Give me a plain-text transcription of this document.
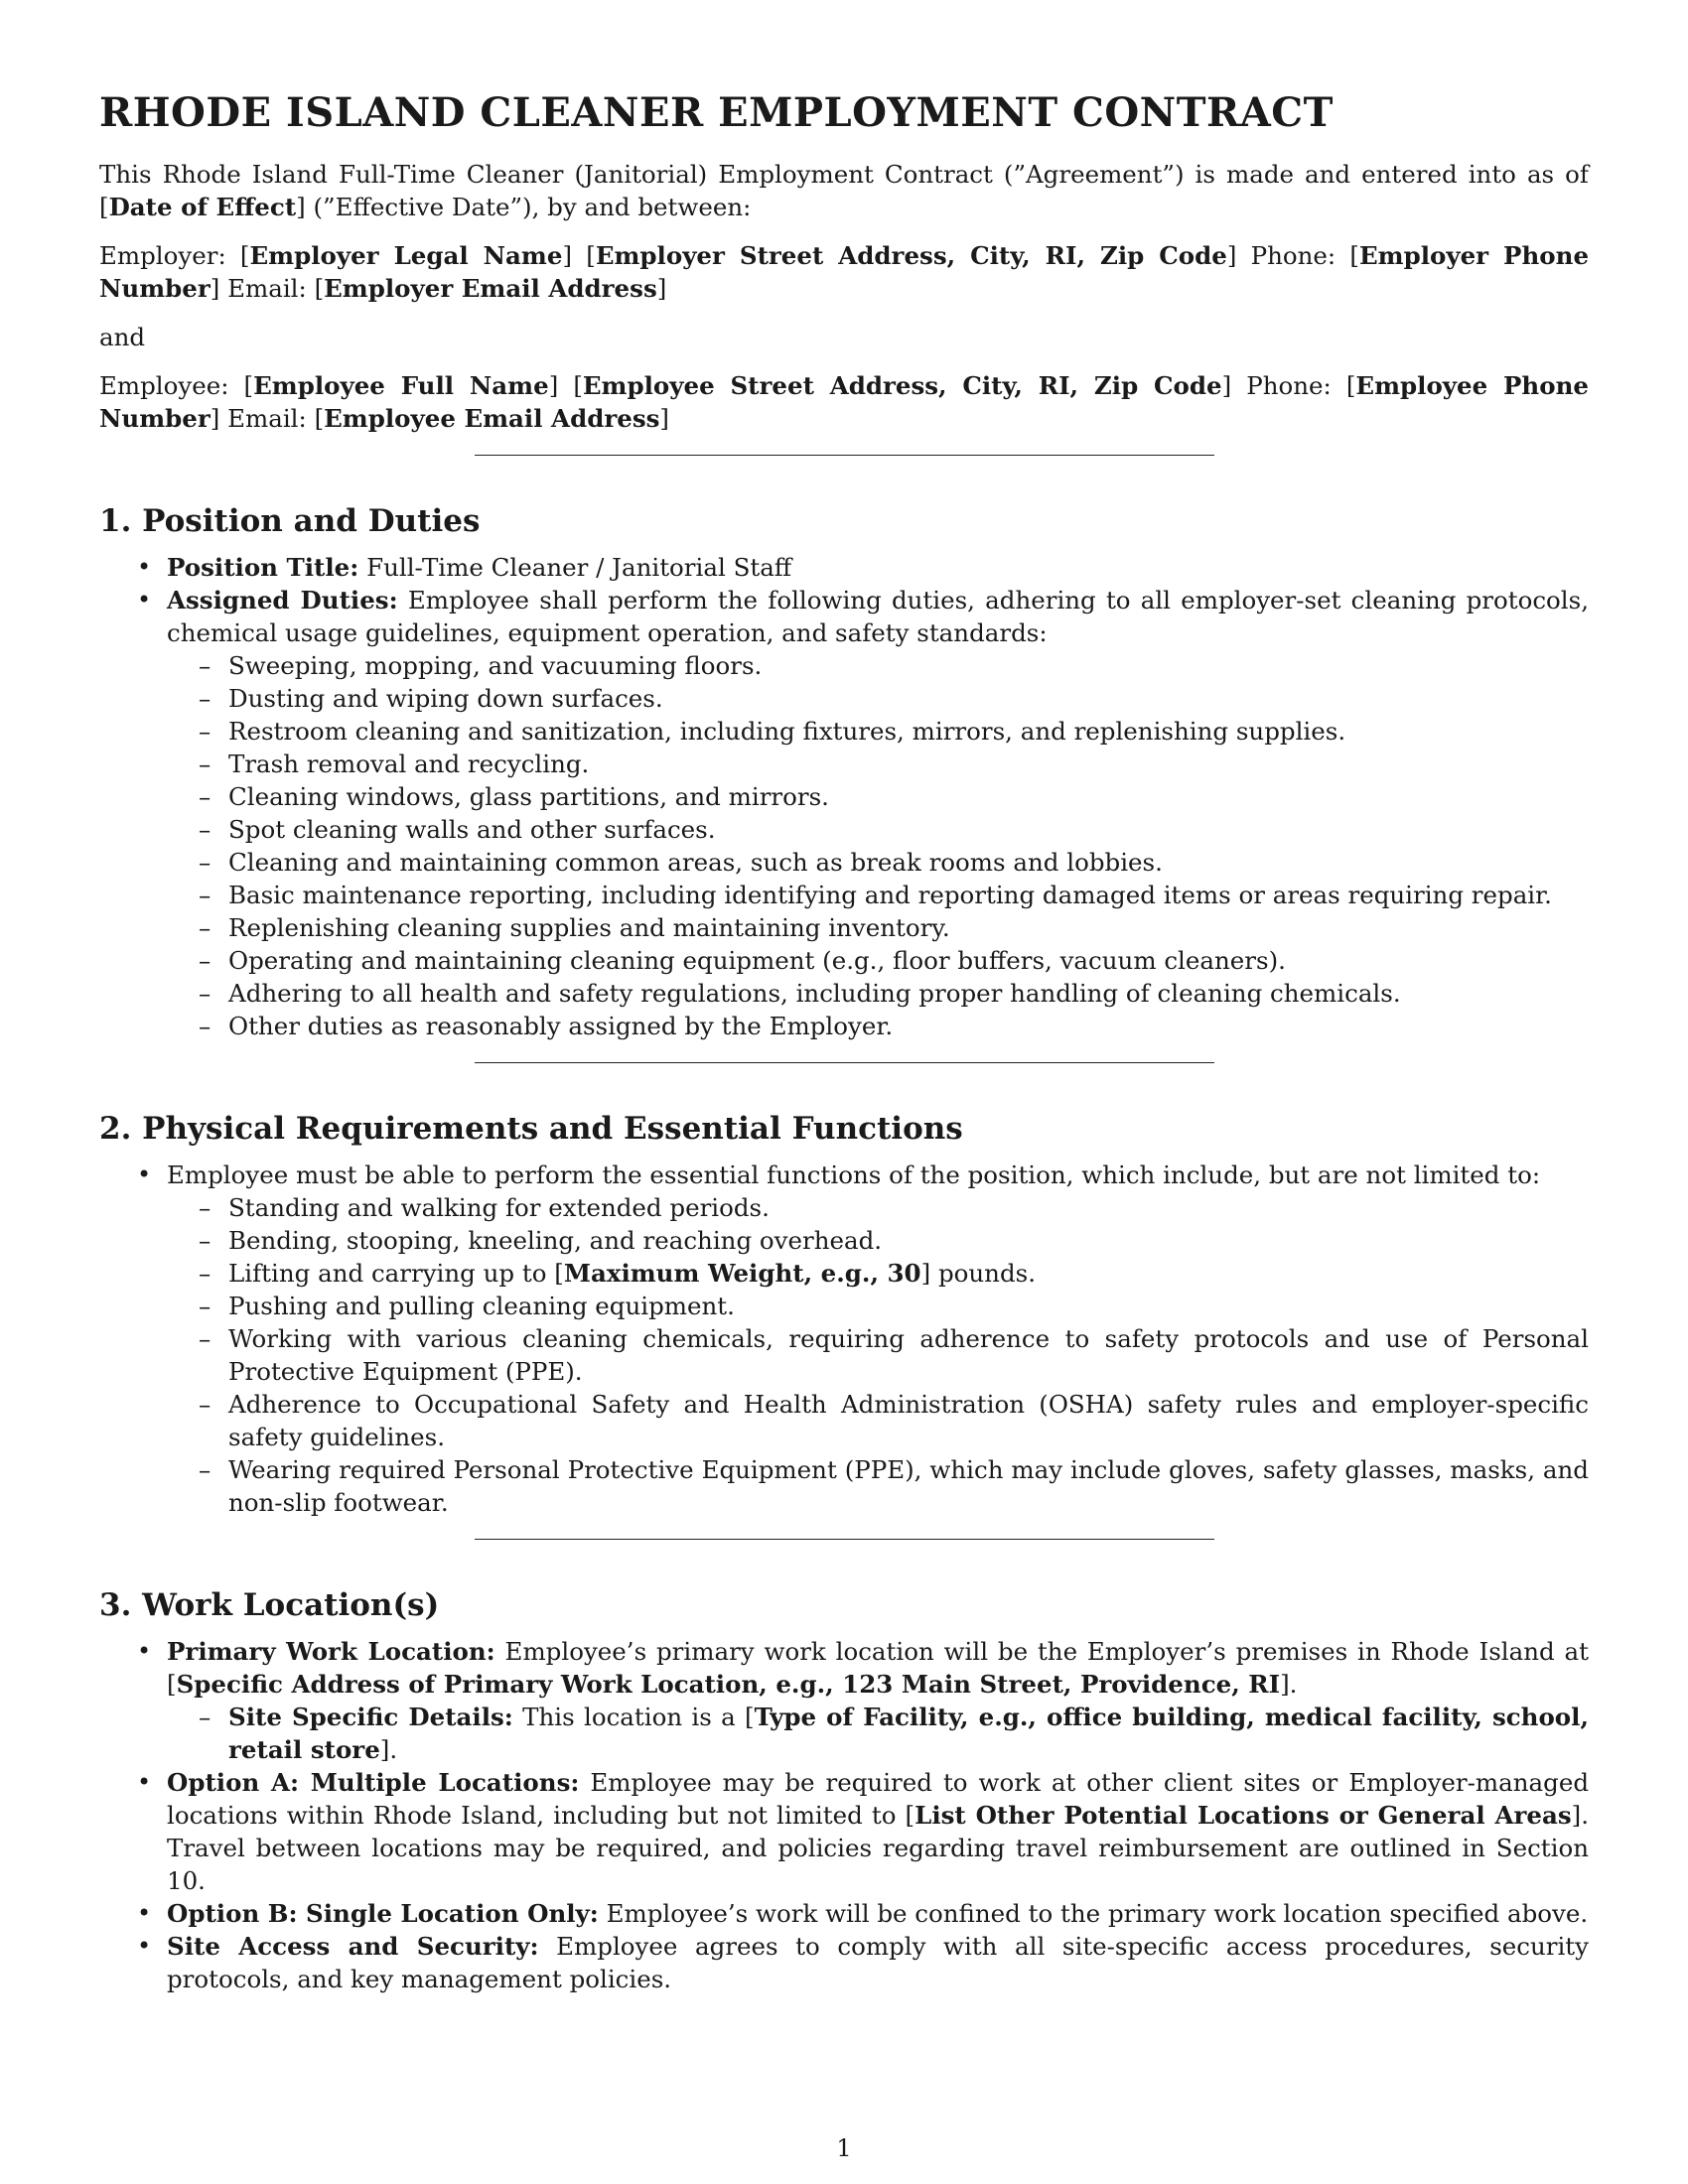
RHODE ISLAND CLEANER EMPLOYMENT CONTRACT

This Rhode Island Full-Time Cleaner (Janitorial) Employment Contract (”Agreement”) is made and entered into as of [Date of Effect] (”Effective Date”), by and between:

Employer: [Employer Legal Name] [Employer Street Address, City, RI, Zip Code] Phone: [Employer Phone Number] Email: [Employer Email Address]

and

Employee: [Employee Full Name] [Employee Street Address, City, RI, Zip Code] Phone: [Employee Phone Number] Email: [Employee Email Address]

1. Position and Duties
• Position Title: Full-Time Cleaner / Janitorial Staff
• Assigned Duties: Employee shall perform the following duties, adhering to all employer-set cleaning protocols, chemical usage guidelines, equipment operation, and safety standards:
– Sweeping, mopping, and vacuuming floors.
– Dusting and wiping down surfaces.
– Restroom cleaning and sanitization, including fixtures, mirrors, and replenishing supplies.
– Trash removal and recycling.
– Cleaning windows, glass partitions, and mirrors.
– Spot cleaning walls and other surfaces.
– Cleaning and maintaining common areas, such as break rooms and lobbies.
– Basic maintenance reporting, including identifying and reporting damaged items or areas requiring repair.
– Replenishing cleaning supplies and maintaining inventory.
– Operating and maintaining cleaning equipment (e.g., floor buffers, vacuum cleaners).
– Adhering to all health and safety regulations, including proper handling of cleaning chemicals.
– Other duties as reasonably assigned by the Employer.
2. Physical Requirements and Essential Functions
• Employee must be able to perform the essential functions of the position, which include, but are not limited to:
– Standing and walking for extended periods.
– Bending, stooping, kneeling, and reaching overhead.
– Lifting and carrying up to [Maximum Weight, e.g., 30] pounds.
– Pushing and pulling cleaning equipment.
– Working with various cleaning chemicals, requiring adherence to safety protocols and use of Personal Protective Equipment (PPE).
– Adherence to Occupational Safety and Health Administration (OSHA) safety rules and employer-specific safety guidelines.
– Wearing required Personal Protective Equipment (PPE), which may include gloves, safety glasses, masks, and non-slip footwear.
3. Work Location(s)
• Primary Work Location: Employee’s primary work location will be the Employer’s premises in Rhode Island at [Specific Address of Primary Work Location, e.g., 123 Main Street, Providence, RI].
– Site Specific Details: This location is a [Type of Facility, e.g., office building, medical facility, school, retail store].
• Option A: Multiple Locations: Employee may be required to work at other client sites or Employer-managed locations within Rhode Island, including but not limited to [List Other Potential Locations or General Areas]. Travel between locations may be required, and policies regarding travel reimbursement are outlined in Section 10.
• Option B: Single Location Only: Employee’s work will be confined to the primary work location specified above.
• Site Access and Security: Employee agrees to comply with all site-specific access procedures, security protocols, and key management policies.
1
